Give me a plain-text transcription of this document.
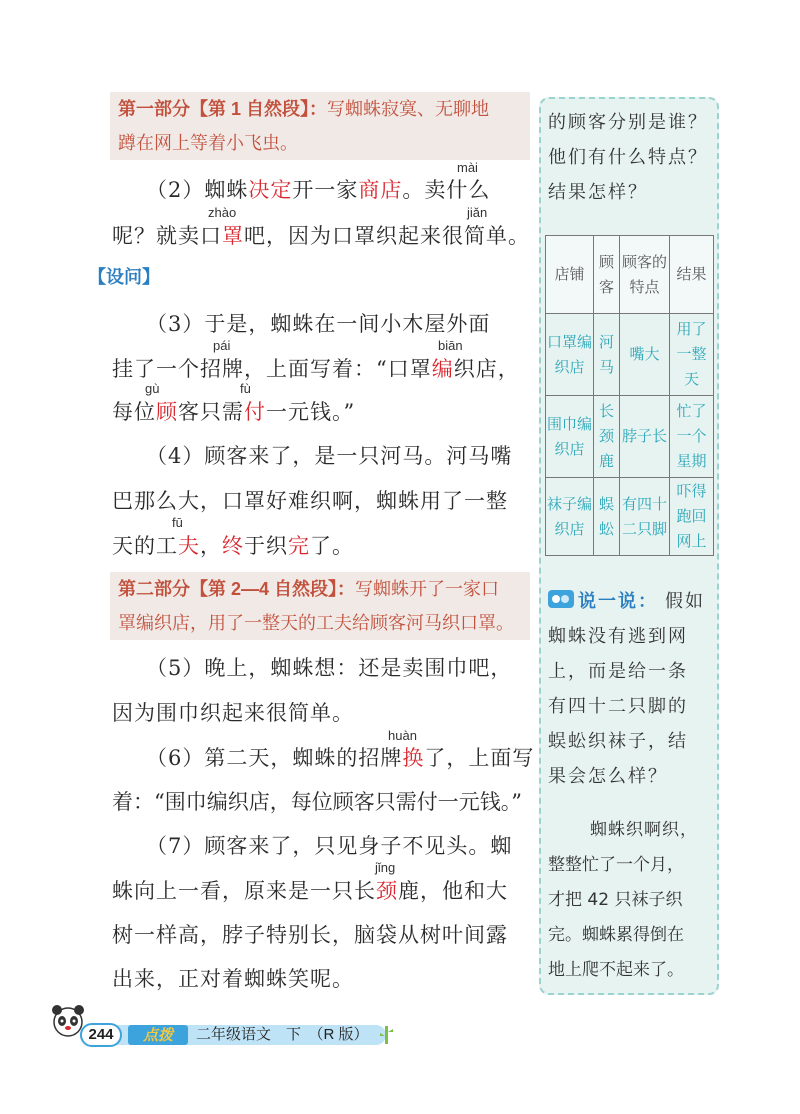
第一部分【第 1 自然段】：写蜘蛛寂寞、无聊地
蹲在网上等着小飞虫。
mài
（2）蜘蛛决定开一家商店。卖什么
zhào	jiǎn
呢？就卖口罩吧，因为口罩织起来很简单。
【设问】
（3）于是，蜘蛛在一间小木屋外面
pái	biān
挂了一个招牌，上面写着：“口罩编织店，
gù	fù
每位顾客只需付一元钱。”
（4）顾客来了，是一只河马。河马嘴
巴那么大，口罩好难织啊，蜘蛛用了一整
fū
天的工夫，终于织完了。
第二部分【第 2—4 自然段】：写蜘蛛开了一家口
罩编织店，用了一整天的工夫给顾客河马织口罩。
（5）晚上，蜘蛛想：还是卖围巾吧，
因为围巾织起来很简单。
huàn
（6）第二天，蜘蛛的招牌换了，上面写
着：“围巾编织店，每位顾客只需付一元钱。”
（7）顾客来了，只见身子不见头。蜘
jǐng
蛛向上一看，原来是一只长颈鹿，他和大
树一样高，脖子特别长，脑袋从树叶间露
出来，正对着蜘蛛笑呢。
的顾客分别是谁？
他们有什么特点？
结果怎样？
店铺	顾客	顾客的特点	结果
口罩编织店	河马	嘴大	用了一整天
围巾编织店	长颈鹿	脖子长	忙了一个星期
袜子编织店	蜈蚣	有四十二只脚	吓得跑回网上
说一说： 假如
蜘蛛没有逃到网
上，而是给一条
有四十二只脚的
蜈蚣织袜子，结
果会怎么样？
蜘蛛织啊织，
整整忙了一个月，
才把 42 只袜子织
完。蜘蛛累得倒在
地上爬不起来了。
244	点拨	二年级语文　下　（R 版）
